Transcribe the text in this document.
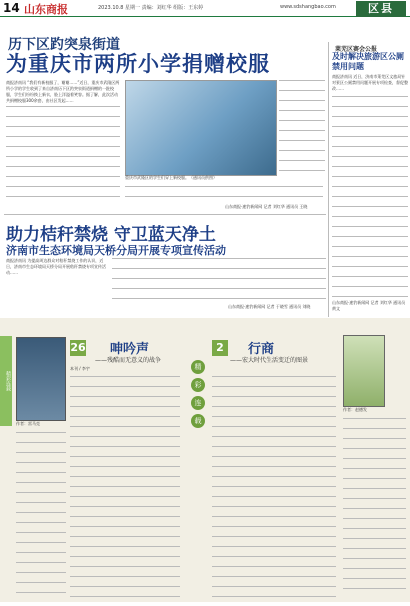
14 山东商报	2023.10.8 星期一 责编：刘红华 组版：王东婷	www.sdshangbao.com	区县
历下区趵突泉街道
为重庆市两所小学捐赠校服
商报济南讯 “我们有新校服了，谢谢……”近日，重庆市武隆区两所小学的学生收到了来自济南历下区趵突泉街道捐赠的一批校服，学生们纷纷换上新衣，脸上洋溢着笑容。据了解，此次活动共捐赠校服300余套，由社区发起……
重庆市武隆区的学生们穿上新校服。（通讯员供图）
山东商报·速豹新闻网 记者 刘红华 通讯员 王晓
莱芜区赛会公报
及时解决旅游区公厕禁用问题
商报济南讯 近日，济南市莱芜区文旅局针对景区公厕禁用问题开展专项检查，督促整改……
山东商报·速豹新闻网 记者 刘红华 通讯员 黄文
助力桔秆禁烧 守卫蓝天净土
济南市生态环境局天桥分局开展专项宣传活动
商报济南讯 为提高周边群众对秸秆禁烧工作的认识，近日，济南市生态环境局天桥分局开展秸秆禁烧专项宣传活动……
山东商报·速豹新闻网 记者 于晓雪 通讯员 刘晓
精彩连载
作者：雷马克
26 呻吟声
——残酷而无意义的战争
本刊 / 李宇	精
彩
连
载
2	行商
——宏大时代生活变迁的图景
作者：赵德发
